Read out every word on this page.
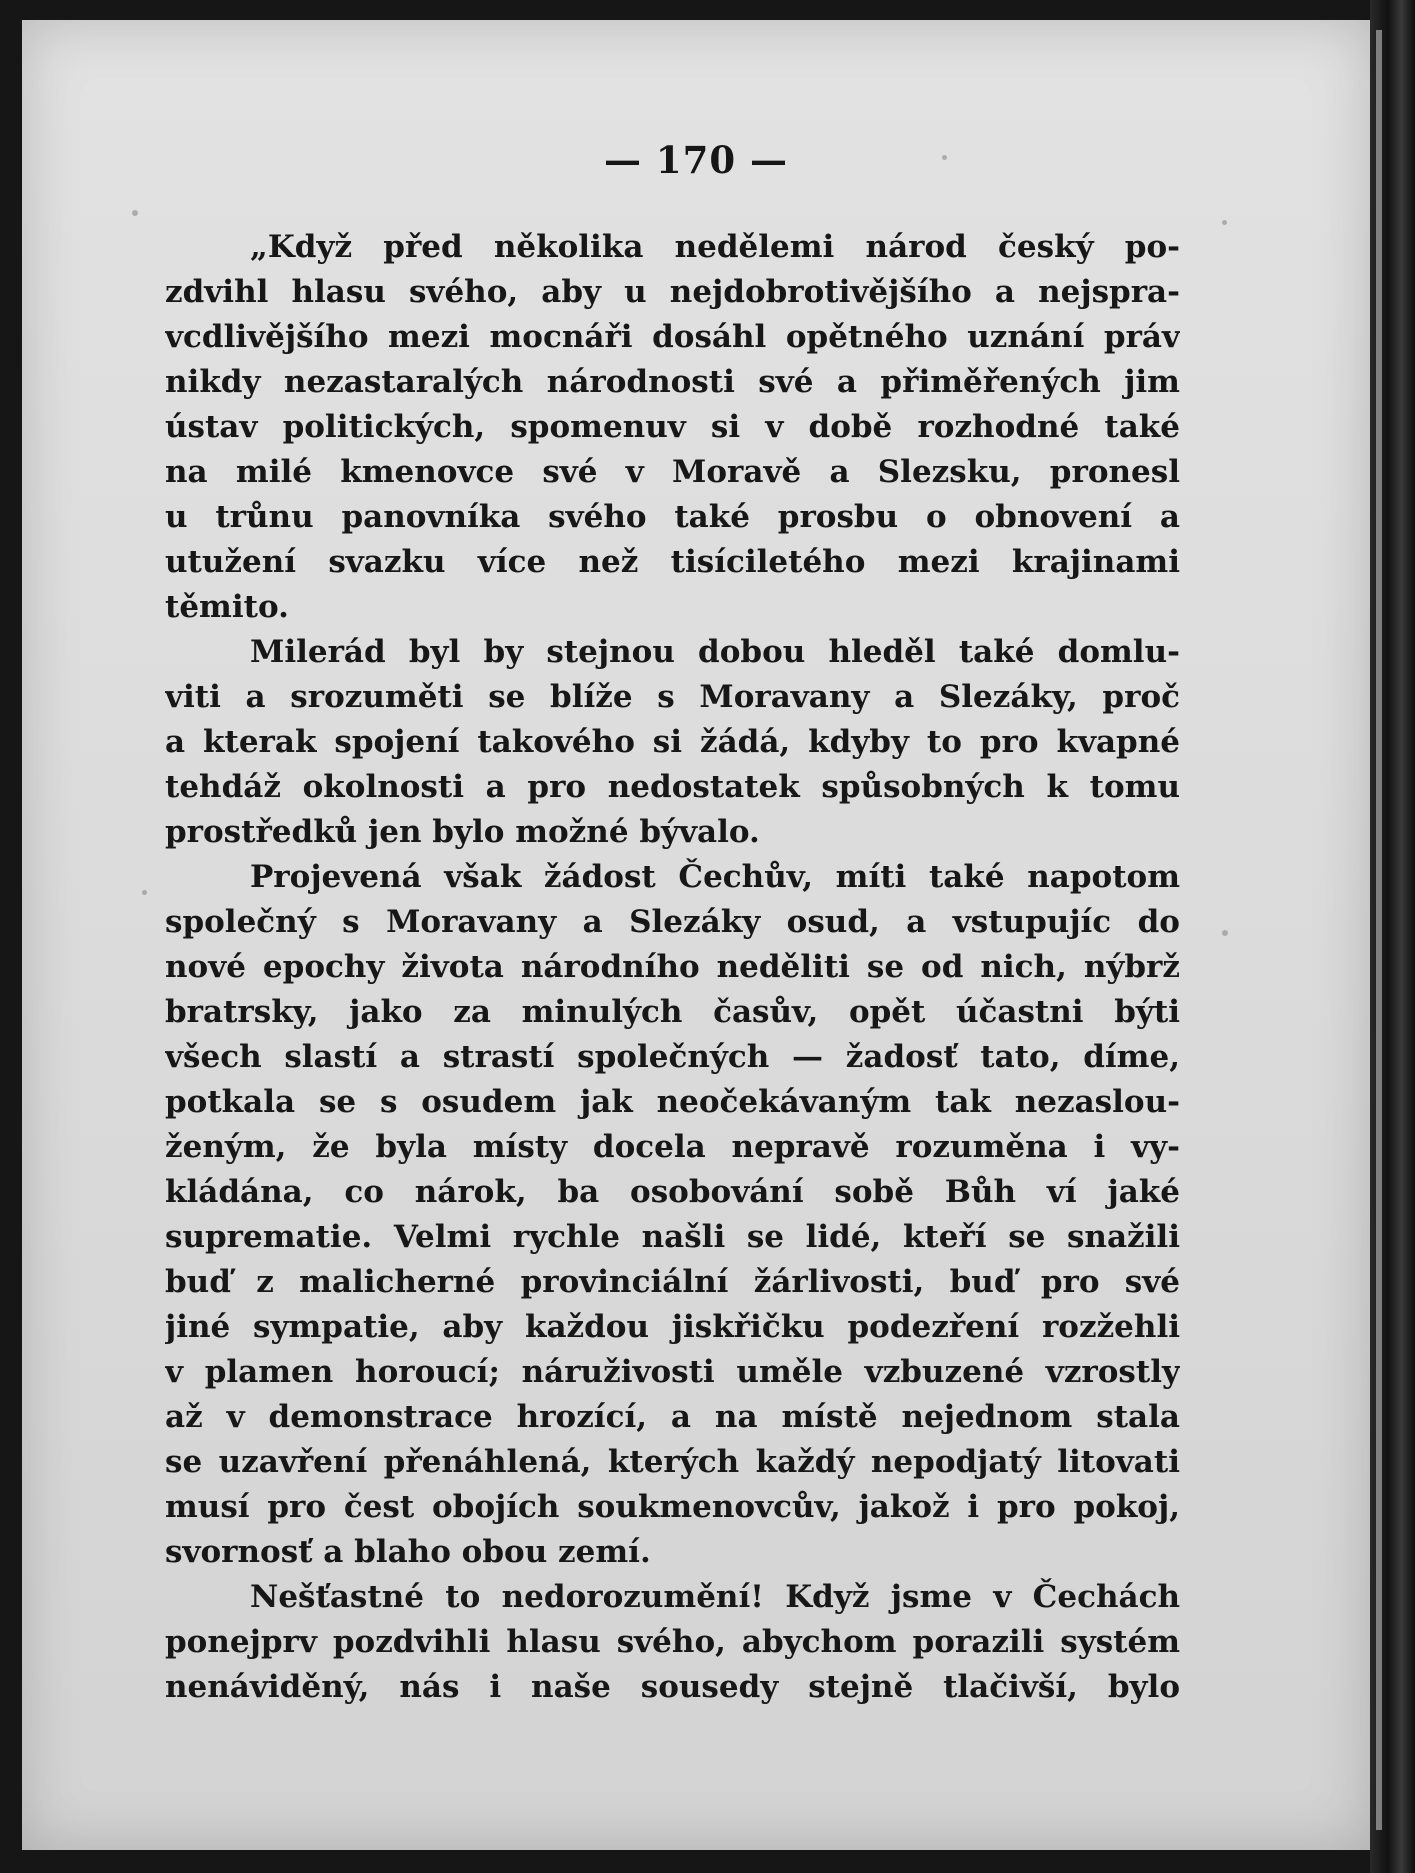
— 170 —
„Když před několika nedělemi národ český po-
zdvihl hlasu svého, aby u nejdobrotivějšího a nejspra-
vcdlivějšího mezi mocnáři dosáhl opětného uznání práv
nikdy nezastaralých národnosti své a přiměřených jim
ústav politických, spomenuv si v době rozhodné také
na milé kmenovce své v Moravě a Slezsku, pronesl
u trůnu panovníka svého také prosbu o obnovení a
utužení svazku více než tisíciletého mezi krajinami
těmito.
Milerád byl by stejnou dobou hleděl také domlu-
viti a srozuměti se blíže s Moravany a Slezáky, proč
a kterak spojení takového si žádá, kdyby to pro kvapné
tehdáž okolnosti a pro nedostatek spůsobných k tomu
prostředků jen bylo možné bývalo.
Projevená však žádost Čechův, míti také napotom
společný s Moravany a Slezáky osud, a vstupujíc do
nové epochy života národního neděliti se od nich, nýbrž
bratrsky, jako za minulých časův, opět účastni býti
všech slastí a strastí společných — žadosť tato, díme,
potkala se s osudem jak neočekávaným tak nezaslou-
ženým, že byla místy docela nepravě rozuměna i vy-
kládána, co nárok, ba osobování sobě Bůh ví jaké
suprematie. Velmi rychle našli se lidé, kteří se snažili
buď z malicherné provinciální žárlivosti, buď pro své
jiné sympatie, aby každou jiskřičku podezření rozžehli
v plamen horoucí; náruživosti uměle vzbuzené vzrostly
až v demonstrace hrozící, a na místě nejednom stala
se uzavření přenáhlená, kterých každý nepodjatý litovati
musí pro čest obojích soukmenovcův, jakož i pro pokoj,
svornosť a blaho obou zemí.
Nešťastné to nedorozumění! Když jsme v Čechách
ponejprv pozdvihli hlasu svého, abychom porazili systém
nenáviděný, nás i naše sousedy stejně tlačivší, bylo
